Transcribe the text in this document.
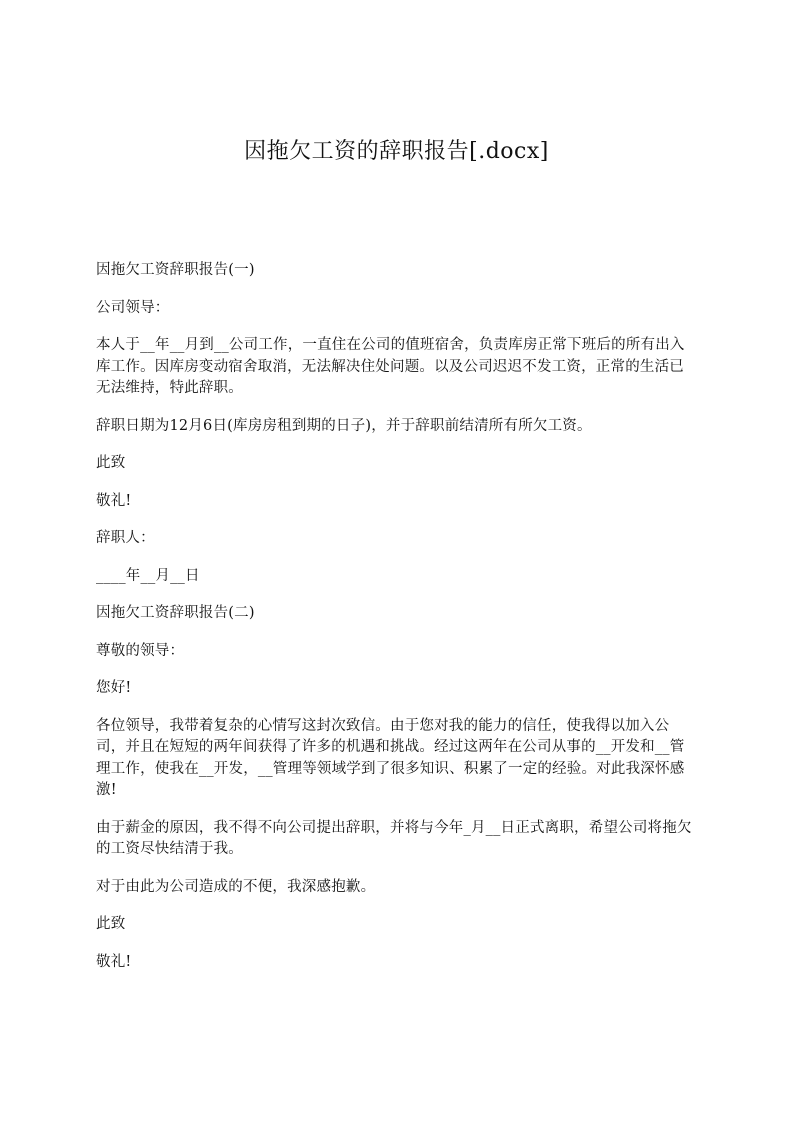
因拖欠工资的辞职报告[.docx]

因拖欠工资辞职报告(一)

公司领导：

本人于__年__月到__公司工作，一直住在公司的值班宿舍，负责库房正常下班后的所有出入库工作。因库房变动宿舍取消，无法解决住处问题。以及公司迟迟不发工资，正常的生活已无法维持，特此辞职。

辞职日期为12月6日(库房房租到期的日子)，并于辞职前结清所有所欠工资。

此致

敬礼!

辞职人：

____年__月__日

因拖欠工资辞职报告(二)

尊敬的领导：

您好!

各位领导，我带着复杂的心情写这封次致信。由于您对我的能力的信任，使我得以加入公司，并且在短短的两年间获得了许多的机遇和挑战。经过这两年在公司从事的__开发和__管理工作，使我在__开发，__管理等领域学到了很多知识、积累了一定的经验。对此我深怀感激!

由于薪金的原因，我不得不向公司提出辞职，并将与今年_月__日正式离职，希望公司将拖欠的工资尽快结清于我。

对于由此为公司造成的不便，我深感抱歉。

此致

敬礼!
